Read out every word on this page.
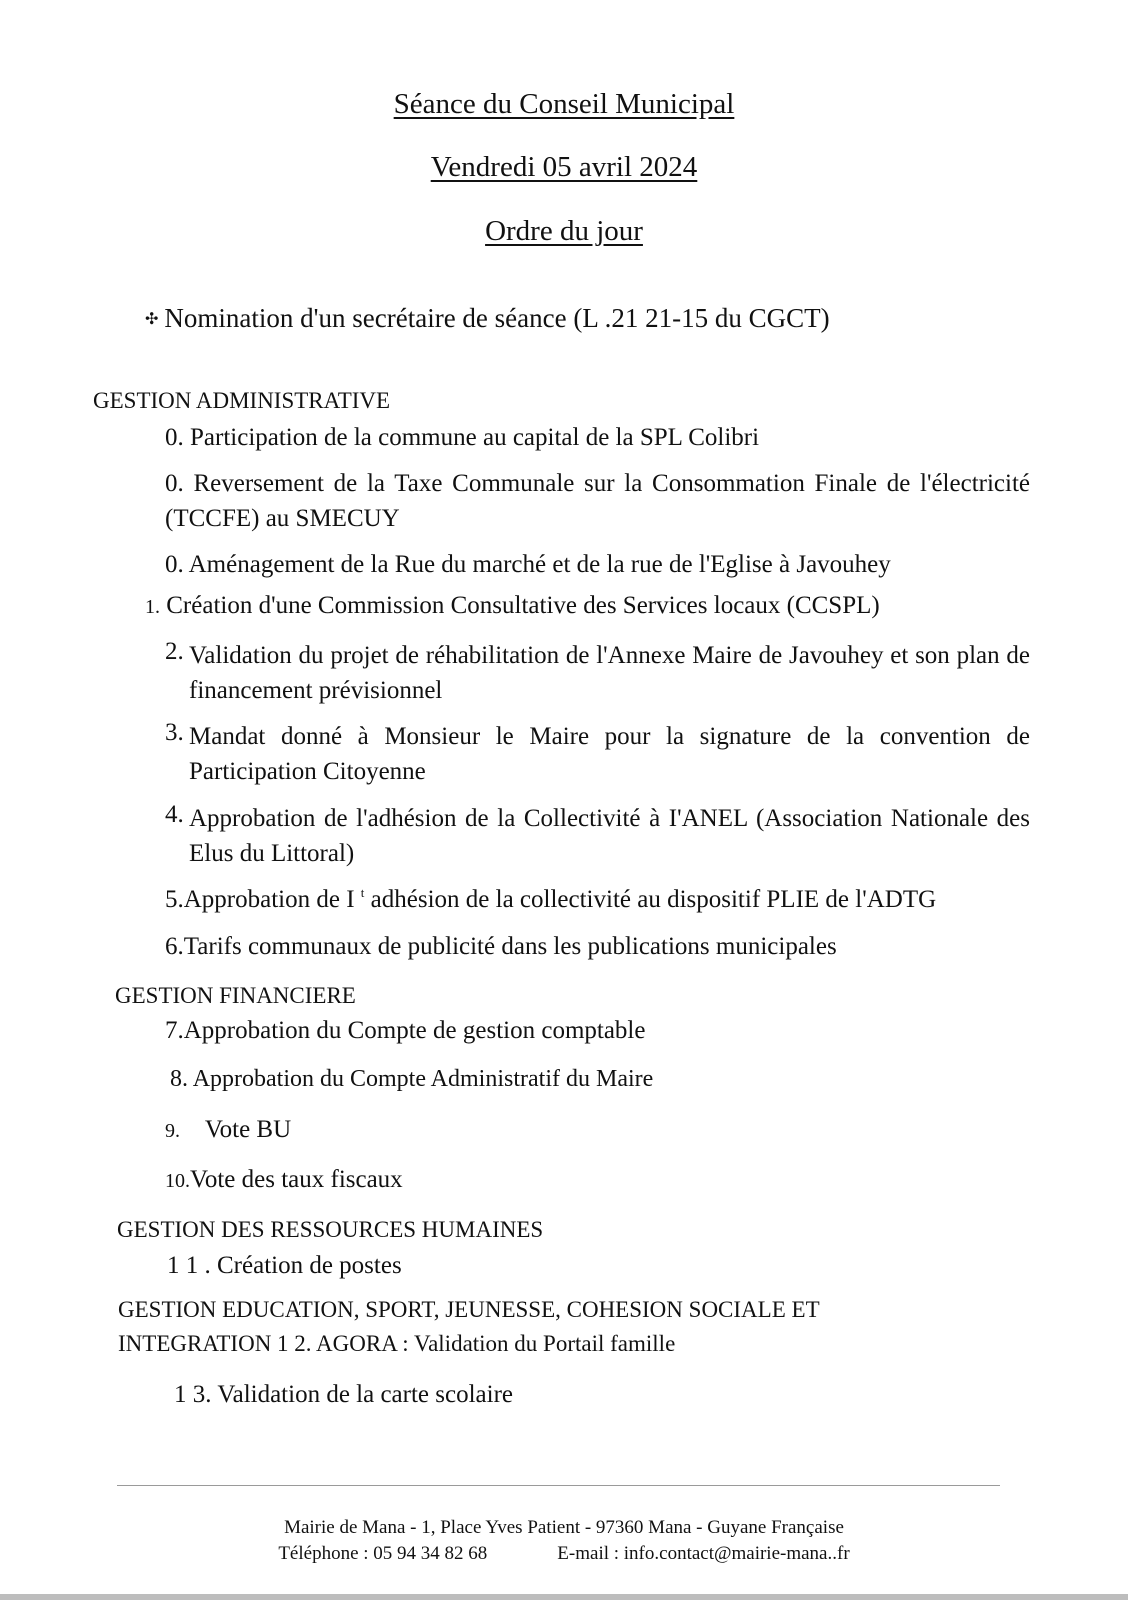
Séance du Conseil Municipal
Vendredi 05 avril 2024
Ordre du jour
✣ Nomination d'un secrétaire de séance (L .21 21-15 du CGCT)
GESTION ADMINISTRATIVE
0. Participation de la commune au capital de la SPL Colibri
0. Reversement de la Taxe Communale sur la Consommation Finale de l'électricité (TCCFE) au SMECUY
0. Aménagement de la Rue du marché et de la rue de l'Eglise à Javouhey
1. Création d'une Commission Consultative des Services locaux (CCSPL)
2. Validation du projet de réhabilitation de l'Annexe Maire de Javouhey et son plan de financement prévisionnel
3. Mandat donné à Monsieur le Maire pour la signature de la convention de Participation Citoyenne
4. Approbation de l'adhésion de la Collectivité à I'ANEL (Association Nationale des Elus du Littoral)
5.Approbation de I $^t$ adhésion de la collectivité au dispositif PLIE de l'ADTG
6.Tarifs communaux de publicité dans les publications municipales
GESTION FINANCIERE
7.Approbation du Compte de gestion comptable
8. Approbation du Compte Administratif du Maire
9. Vote BU
10.Vote des taux fiscaux
GESTION DES RESSOURCES HUMAINES
1 1 . Création de postes
GESTION EDUCATION, SPORT, JEUNESSE, COHESION SOCIALE ET
INTEGRATION 1 2. AGORA : Validation du Portail famille
1 3. Validation de la carte scolaire
Mairie de Mana - 1, Place Yves Patient - 97360 Mana - Guyane Française
Téléphone : 05 94 34 82 68	E-mail : info.contact@mairie-mana..fr
